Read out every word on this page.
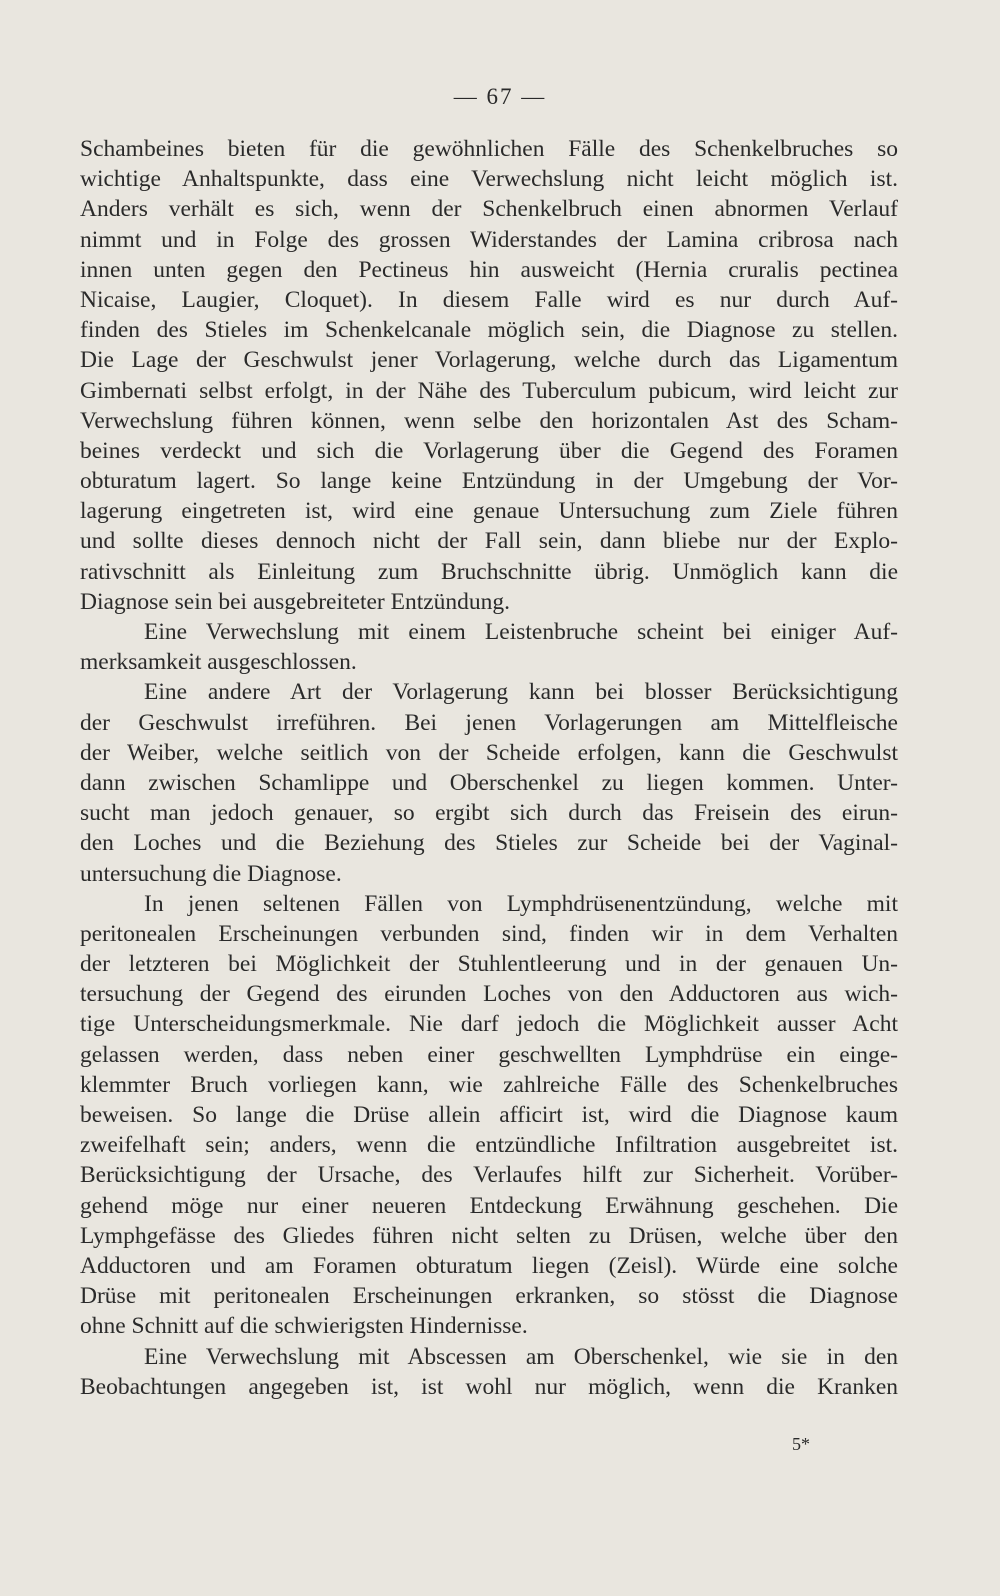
— 67 —
Schambeines bieten für die gewöhnlichen Fälle des Schenkelbruches so
wichtige Anhaltspunkte, dass eine Verwechslung nicht leicht möglich ist.
Anders verhält es sich, wenn der Schenkelbruch einen abnormen Verlauf
nimmt und in Folge des grossen Widerstandes der Lamina cribrosa nach
innen unten gegen den Pectineus hin ausweicht (Hernia cruralis pectinea
Nicaise, Laugier, Cloquet). In diesem Falle wird es nur durch Auf-
finden des Stieles im Schenkelcanale möglich sein, die Diagnose zu stellen.
Die Lage der Geschwulst jener Vorlagerung, welche durch das Ligamentum
Gimbernati selbst erfolgt, in der Nähe des Tuberculum pubicum, wird leicht zur
Verwechslung führen können, wenn selbe den horizontalen Ast des Scham-
beines verdeckt und sich die Vorlagerung über die Gegend des Foramen
obturatum lagert. So lange keine Entzündung in der Umgebung der Vor-
lagerung eingetreten ist, wird eine genaue Untersuchung zum Ziele führen
und sollte dieses dennoch nicht der Fall sein, dann bliebe nur der Explo-
rativschnitt als Einleitung zum Bruchschnitte übrig. Unmöglich kann die
Diagnose sein bei ausgebreiteter Entzündung.
Eine Verwechslung mit einem Leistenbruche scheint bei einiger Auf-
merksamkeit ausgeschlossen.
Eine andere Art der Vorlagerung kann bei blosser Berücksichtigung
der Geschwulst irreführen. Bei jenen Vorlagerungen am Mittelfleische
der Weiber, welche seitlich von der Scheide erfolgen, kann die Geschwulst
dann zwischen Schamlippe und Oberschenkel zu liegen kommen. Unter-
sucht man jedoch genauer, so ergibt sich durch das Freisein des eirun-
den Loches und die Beziehung des Stieles zur Scheide bei der Vaginal-
untersuchung die Diagnose.
In jenen seltenen Fällen von Lymphdrüsenentzündung, welche mit
peritonealen Erscheinungen verbunden sind, finden wir in dem Verhalten
der letzteren bei Möglichkeit der Stuhlentleerung und in der genauen Un-
tersuchung der Gegend des eirunden Loches von den Adductoren aus wich-
tige Unterscheidungsmerkmale. Nie darf jedoch die Möglichkeit ausser Acht
gelassen werden, dass neben einer geschwellten Lymphdrüse ein einge-
klemmter Bruch vorliegen kann, wie zahlreiche Fälle des Schenkelbruches
beweisen. So lange die Drüse allein afficirt ist, wird die Diagnose kaum
zweifelhaft sein; anders, wenn die entzündliche Infiltration ausgebreitet ist.
Berücksichtigung der Ursache, des Verlaufes hilft zur Sicherheit. Vorüber-
gehend möge nur einer neueren Entdeckung Erwähnung geschehen. Die
Lymphgefässe des Gliedes führen nicht selten zu Drüsen, welche über den
Adductoren und am Foramen obturatum liegen (Zeisl). Würde eine solche
Drüse mit peritonealen Erscheinungen erkranken, so stösst die Diagnose
ohne Schnitt auf die schwierigsten Hindernisse.
Eine Verwechslung mit Abscessen am Oberschenkel, wie sie in den
Beobachtungen angegeben ist, ist wohl nur möglich, wenn die Kranken
5*
